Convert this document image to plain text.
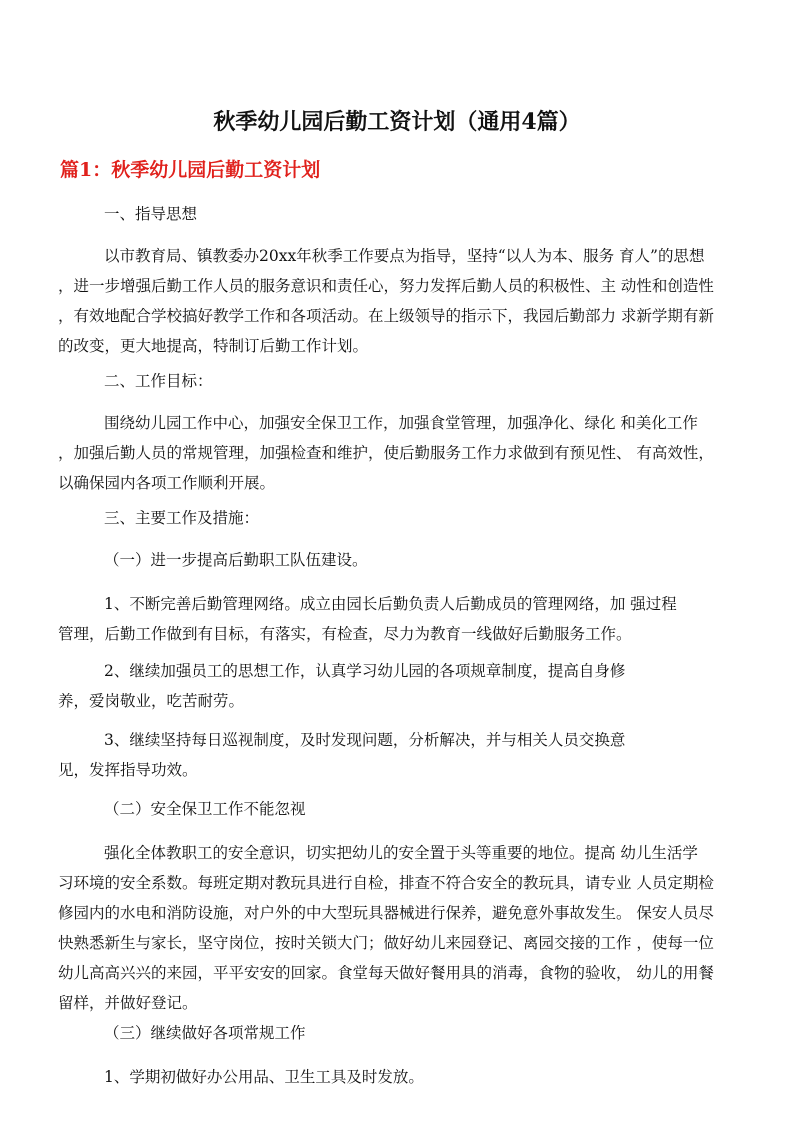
秋季幼儿园后勤工资计划（通用4篇）
篇1：秋季幼儿园后勤工资计划

一、指导思想

以市教育局、镇教委办20xx年秋季工作要点为指导，坚持“以人为本、服务 育人”的思想
，进一步增强后勤工作人员的服务意识和责任心，努力发挥后勤人员的积极性、主 动性和创造性
，有效地配合学校搞好教学工作和各项活动。在上级领导的指示下，我园后勤部力 求新学期有新
的改变，更大地提高，特制订后勤工作计划。

二、工作目标：

围绕幼儿园工作中心，加强安全保卫工作，加强食堂管理，加强净化、绿化 和美化工作
，加强后勤人员的常规管理，加强检查和维护，使后勤服务工作力求做到有预见性、 有高效性，
以确保园内各项工作顺利开展。

三、主要工作及措施：

（一）进一步提高后勤职工队伍建设。

1、不断完善后勤管理网络。成立由园长后勤负责人后勤成员的管理网络，加 强过程
管理，后勤工作做到有目标，有落实，有检查，尽力为教育一线做好后勤服务工作。

2、继续加强员工的思想工作，认真学习幼儿园的各项规章制度，提高自身修
养，爱岗敬业，吃苦耐劳。

3、继续坚持每日巡视制度，及时发现问题，分析解决，并与相关人员交换意
见，发挥指导功效。

（二）安全保卫工作不能忽视

强化全体教职工的安全意识，切实把幼儿的安全置于头等重要的地位。提高 幼儿生活学
习环境的安全系数。每班定期对教玩具进行自检，排查不符合安全的教玩具，请专业 人员定期检
修园内的水电和消防设施，对户外的中大型玩具器械进行保养，避免意外事故发生。 保安人员尽
快熟悉新生与家长，坚守岗位，按时关锁大门；做好幼儿来园登记、离园交接的工作 ，使每一位
幼儿高高兴兴的来园，平平安安的回家。食堂每天做好餐用具的消毒，食物的验收， 幼儿的用餐
留样，并做好登记。

（三）继续做好各项常规工作

1、学期初做好办公用品、卫生工具及时发放。
